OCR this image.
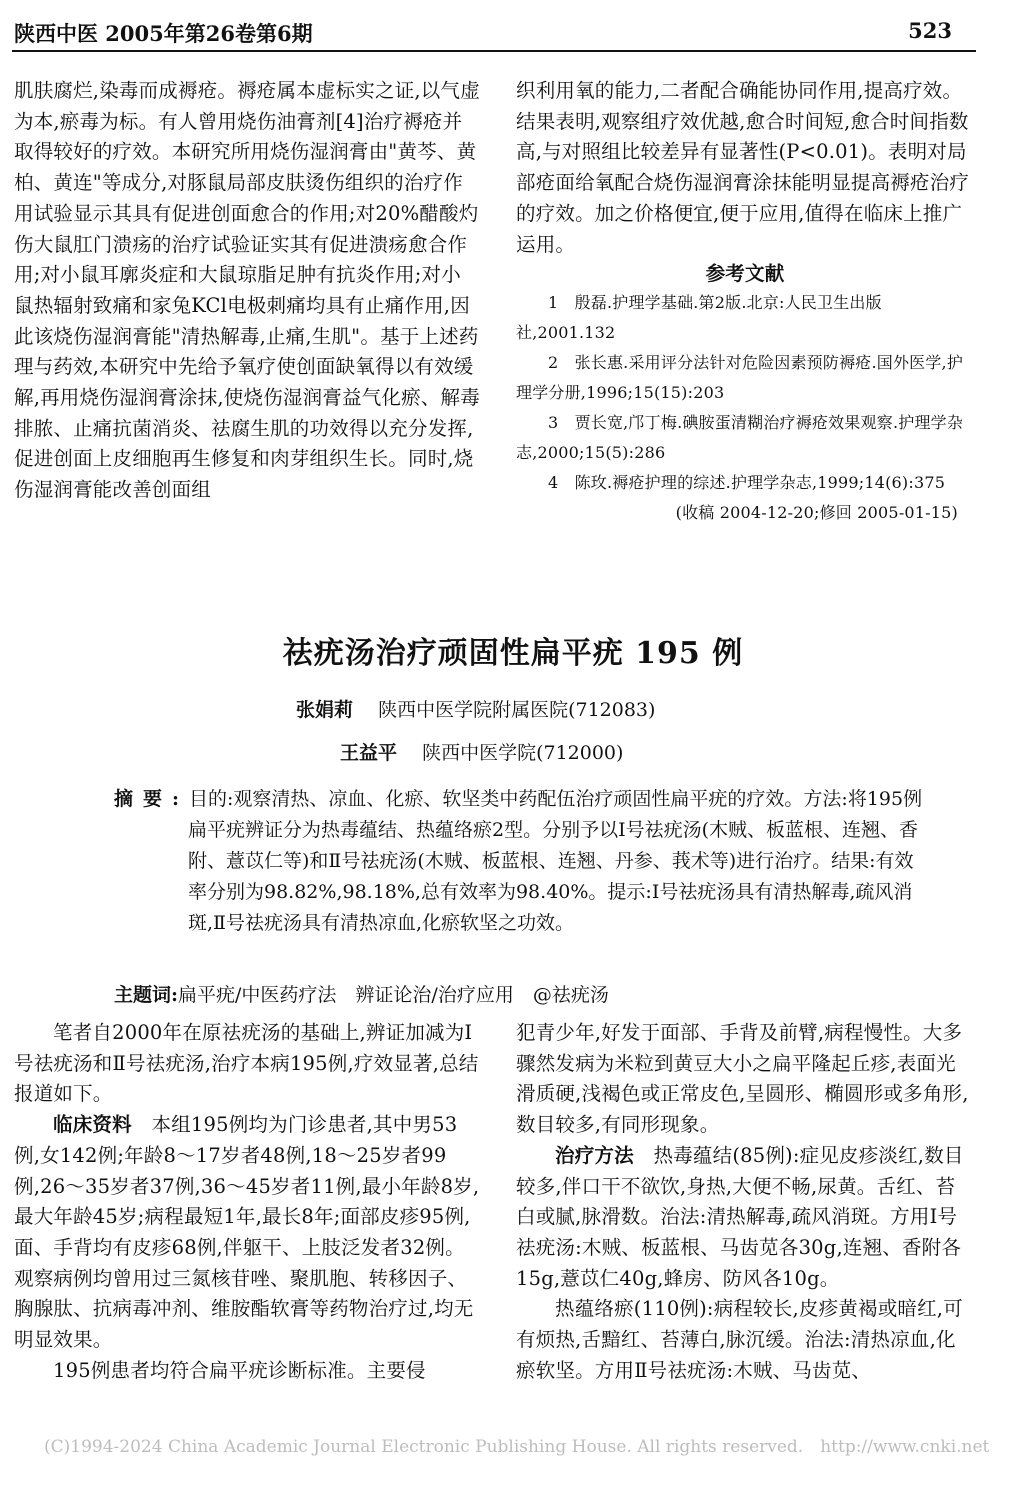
陕西中医 2005年第26卷第6期	523

肌肤腐烂,染毒而成褥疮。褥疮属本虚标实之证,以气虚为本,瘀毒为标。有人曾用烧伤油膏剂[4]治疗褥疮并取得较好的疗效。本研究所用烧伤湿润膏由"黄芩、黄柏、黄连"等成分,对豚鼠局部皮肤烫伤组织的治疗作用试验显示其具有促进创面愈合的作用;对20%醋酸灼伤大鼠肛门溃疡的治疗试验证实其有促进溃疡愈合作用;对小鼠耳廓炎症和大鼠琼脂足肿有抗炎作用;对小鼠热辐射致痛和家兔KCl电极刺痛均具有止痛作用,因此该烧伤湿润膏能"清热解毒,止痛,生肌"。基于上述药理与药效,本研究中先给予氧疗使创面缺氧得以有效缓解,再用烧伤湿润膏涂抹,使烧伤湿润膏益气化瘀、解毒排脓、止痛抗菌消炎、祛腐生肌的功效得以充分发挥,促进创面上皮细胞再生修复和肉芽组织生长。同时,烧伤湿润膏能改善创面组

织利用氧的能力,二者配合确能协同作用,提高疗效。结果表明,观察组疗效优越,愈合时间短,愈合时间指数高,与对照组比较差异有显著性(P<0.01)。表明对局部疮面给氧配合烧伤湿润膏涂抹能明显提高褥疮治疗的疗效。加之价格便宜,便于应用,值得在临床上推广运用。

参考文献

1　殷磊.护理学基础.第2版.北京:人民卫生出版社,2001.132

2　张长惠.采用评分法针对危险因素预防褥疮.国外医学,护理学分册,1996;15(15):203

3　贾长宽,邝丁梅.碘胺蛋清糊治疗褥疮效果观察.护理学杂志,2000;15(5):286

4　陈玫.褥疮护理的综述.护理学杂志,1999;14(6):375

(收稿 2004-12-20;修回 2005-01-15)

祛疣汤治疗顽固性扁平疣 195 例
张娟莉　 陕西中医学院附属医院(712083)
王益平　 陕西中医学院(712000)

摘要:目的:观察清热、凉血、化瘀、软坚类中药配伍治疗顽固性扁平疣的疗效。方法:将195例扁平疣辨证分为热毒蕴结、热蕴络瘀2型。分别予以Ⅰ号祛疣汤(木贼、板蓝根、连翘、香附、薏苡仁等)和Ⅱ号祛疣汤(木贼、板蓝根、连翘、丹参、莪术等)进行治疗。结果:有效率分别为98.82%,98.18%,总有效率为98.40%。提示:Ⅰ号祛疣汤具有清热解毒,疏风消斑,Ⅱ号祛疣汤具有清热凉血,化瘀软坚之功效。

主题词:扁平疣/中医药疗法　辨证论治/治疗应用　@祛疣汤

笔者自2000年在原祛疣汤的基础上,辨证加减为Ⅰ号祛疣汤和Ⅱ号祛疣汤,治疗本病195例,疗效显著,总结报道如下。

临床资料　本组195例均为门诊患者,其中男53例,女142例;年龄8～17岁者48例,18～25岁者99例,26～35岁者37例,36～45岁者11例,最小年龄8岁,最大年龄45岁;病程最短1年,最长8年;面部皮疹95例,面、手背均有皮疹68例,伴躯干、上肢泛发者32例。观察病例均曾用过三氮核苷唑、聚肌胞、转移因子、胸腺肽、抗病毒冲剂、维胺酯软膏等药物治疗过,均无明显效果。

195例患者均符合扁平疣诊断标准。主要侵

犯青少年,好发于面部、手背及前臂,病程慢性。大多骤然发病为米粒到黄豆大小之扁平隆起丘疹,表面光滑质硬,浅褐色或正常皮色,呈圆形、椭圆形或多角形,数目较多,有同形现象。

治疗方法　热毒蕴结(85例):症见皮疹淡红,数目较多,伴口干不欲饮,身热,大便不畅,尿黄。舌红、苔白或腻,脉滑数。治法:清热解毒,疏风消斑。方用Ⅰ号祛疣汤:木贼、板蓝根、马齿苋各30g,连翘、香附各15g,薏苡仁40g,蜂房、防风各10g。

热蕴络瘀(110例):病程较长,皮疹黄褐或暗红,可有烦热,舌黯红、苔薄白,脉沉缓。治法:清热凉血,化瘀软坚。方用Ⅱ号祛疣汤:木贼、马齿苋、

(C)1994-2024 China Academic Journal Electronic Publishing House. All rights reserved.　http://www.cnki.net
